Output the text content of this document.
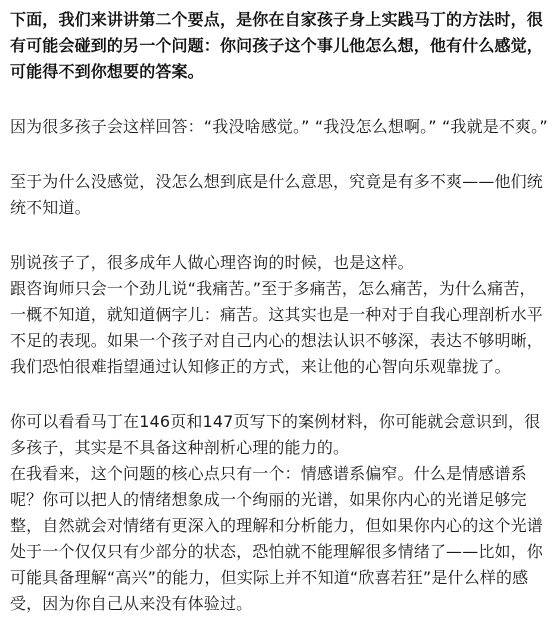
下面，我们来讲讲第二个要点，是你在自家孩子身上实践马丁的方法时，很有可能会碰到的另一个问题：你问孩子这个事儿他怎么想，他有什么感觉，可能得不到你想要的答案。

因为很多孩子会这样回答：“我没啥感觉。” “我没怎么想啊。” “我就是不爽。”

至于为什么没感觉，没怎么想到底是什么意思，究竟是有多不爽——他们统统不知道。

别说孩子了，很多成年人做心理咨询的时候，也是这样。

跟咨询师只会一个劲儿说“我痛苦。”至于多痛苦，怎么痛苦，为什么痛苦，一概不知道，就知道俩字儿：痛苦。这其实也是一种对于自我心理剖析水平不足的表现。如果一个孩子对自己内心的想法认识不够深，表达不够明晰，我们恐怕很难指望通过认知修正的方式，来让他的心智向乐观靠拢了。

你可以看看马丁在146页和147页写下的案例材料，你可能就会意识到，很多孩子，其实是不具备这种剖析心理的能力的。

在我看来，这个问题的核心点只有一个：情感谱系偏窄。什么是情感谱系呢？你可以把人的情绪想象成一个绚丽的光谱，如果你内心的光谱足够完整，自然就会对情绪有更深入的理解和分析能力，但如果你内心的这个光谱处于一个仅仅只有少部分的状态，恐怕就不能理解很多情绪了——比如，你可能具备理解“高兴”的能力，但实际上并不知道“欣喜若狂”是什么样的感受，因为你自己从来没有体验过。
